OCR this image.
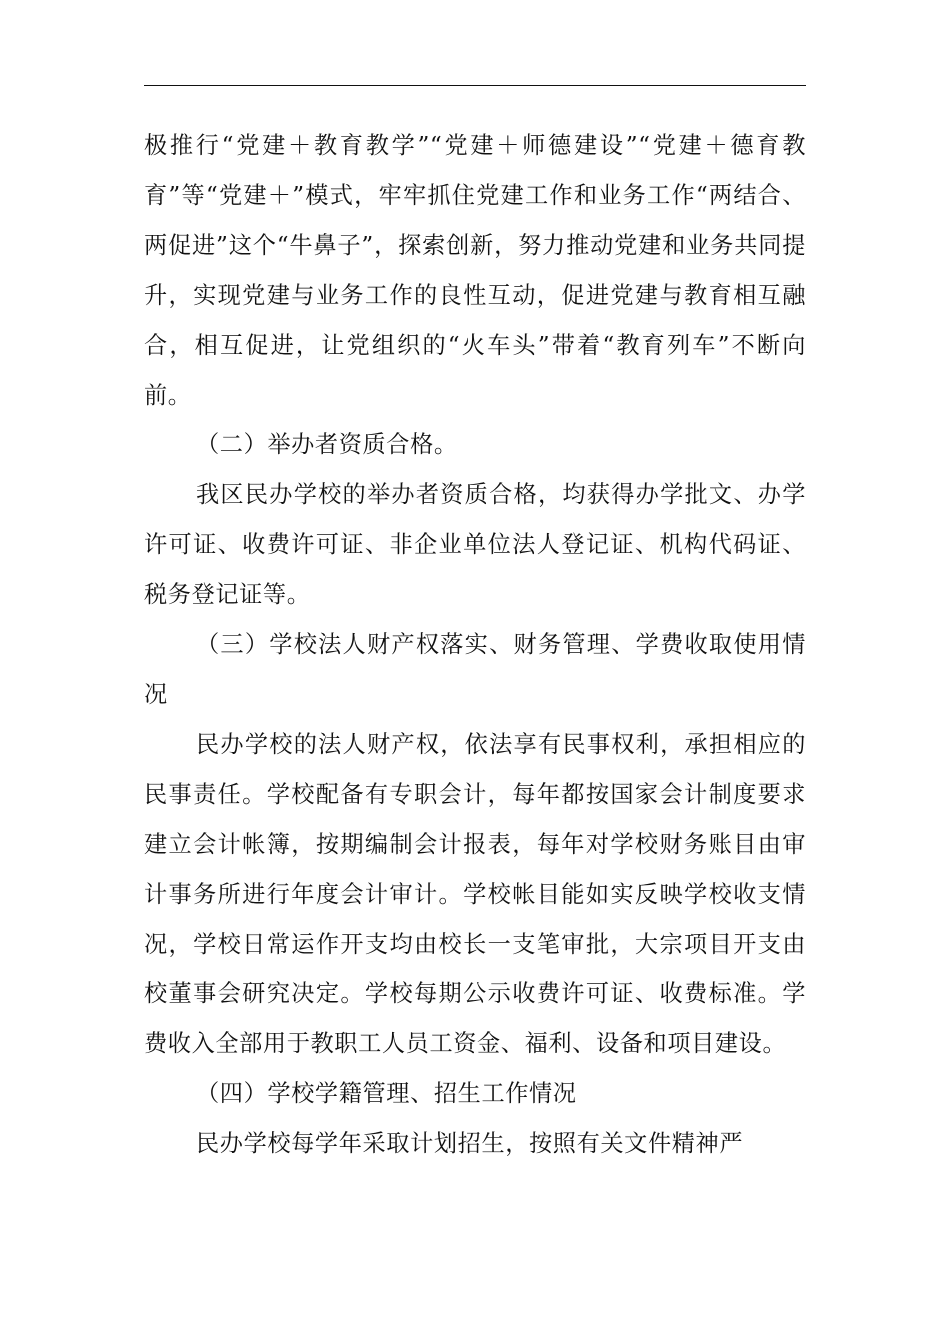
极推行“党建＋教育教学”“党建＋师德建设”“党建＋德育教育”等“党建＋”模式，牢牢抓住党建工作和业务工作“两结合、两促进”这个“牛鼻子”，探索创新，努力推动党建和业务共同提升，实现党建与业务工作的良性互动，促进党建与教育相互融合，相互促进，让党组织的“火车头”带着“教育列车”不断向前。

（二）举办者资质合格。

我区民办学校的举办者资质合格，均获得办学批文、办学许可证、收费许可证、非企业单位法人登记证、机构代码证、税务登记证等。

（三）学校法人财产权落实、财务管理、学费收取使用情况

民办学校的法人财产权，依法享有民事权利，承担相应的民事责任。学校配备有专职会计，每年都按国家会计制度要求建立会计帐簿，按期编制会计报表，每年对学校财务账目由审计事务所进行年度会计审计。学校帐目能如实反映学校收支情况，学校日常运作开支均由校长一支笔审批，大宗项目开支由校董事会研究决定。学校每期公示收费许可证、收费标准。学费收入全部用于教职工人员工资金、福利、设备和项目建设。

（四）学校学籍管理、招生工作情况

民办学校每学年采取计划招生，按照有关文件精神严
